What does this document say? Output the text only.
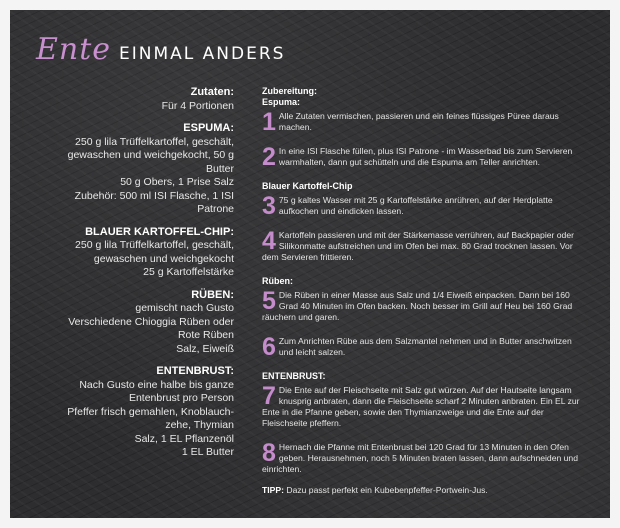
Ente EINMAL ANDERS
Zutaten:
Für 4 Portionen
ESPUMA:
250 g lila Trüffelkartoffel, geschält,
gewaschen und weichgekocht, 50 g
Butter
50 g Obers, 1 Prise Salz
Zubehör: 500 ml ISI Flasche, 1 ISI
Patrone
BLAUER KARTOFFEL-CHIP:
250 g lila Trüffelkartoffel, geschält,
gewaschen und weichgekocht
25 g Kartoffelstärke
RÜBEN:
gemischt nach Gusto
Verschiedene Chioggia Rüben oder
Rote Rüben
Salz, Eiweiß
ENTENBRUST:
Nach Gusto eine halbe bis ganze
Entenbrust pro Person
Pfeffer frisch gemahlen, Knoblauch-
zehe, Thymian
Salz, 1 EL Pflanzenöl
1 EL Butter
Zubereitung:
Espuma:
1 Alle Zutaten vermischen, passieren und ein feines flüssiges Püree daraus machen.

2 In eine ISI Flasche füllen, plus ISI Patrone - im Wasserbad bis zum Servieren warmhalten, dann gut schütteln und die Espuma am Teller anrichten.

Blauer Kartoffel-Chip
3 75 g kaltes Wasser mit 25 g Kartoffelstärke anrühren, auf der Herdplatte aufkochen und eindicken lassen.

4 Kartoffeln passieren und mit der Stärkemasse verrühren, auf Backpapier oder Silikonmatte aufstreichen und im Ofen bei max. 80 Grad trocknen lassen. Vor dem Servieren frittieren.

Rüben:
5 Die Rüben in einer Masse aus Salz und 1/4 Eiweiß einpacken. Dann bei 160 Grad 40 Minuten im Ofen backen. Noch besser im Grill auf Heu bei 160 Grad räuchern und garen.

6 Zum Anrichten Rübe aus dem Salzmantel nehmen und in Butter anschwitzen und leicht salzen.

ENTENBRUST:
7 Die Ente auf der Fleischseite mit Salz gut würzen. Auf der Hautseite langsam knusprig anbraten, dann die Fleischseite scharf 2 Minuten anbraten. Ein EL zur Ente in die Pfanne geben, sowie den Thymianzweige und die Ente auf der Fleischseite pfeffern.

8 Hernach die Pfanne mit Entenbrust bei 120 Grad für 13 Minuten in den Ofen geben. Herausnehmen, noch 5 Minuten braten lassen, dann aufschneiden und einrichten.

TIPP: Dazu passt perfekt ein Kubebenpfeffer-Portwein-Jus.
